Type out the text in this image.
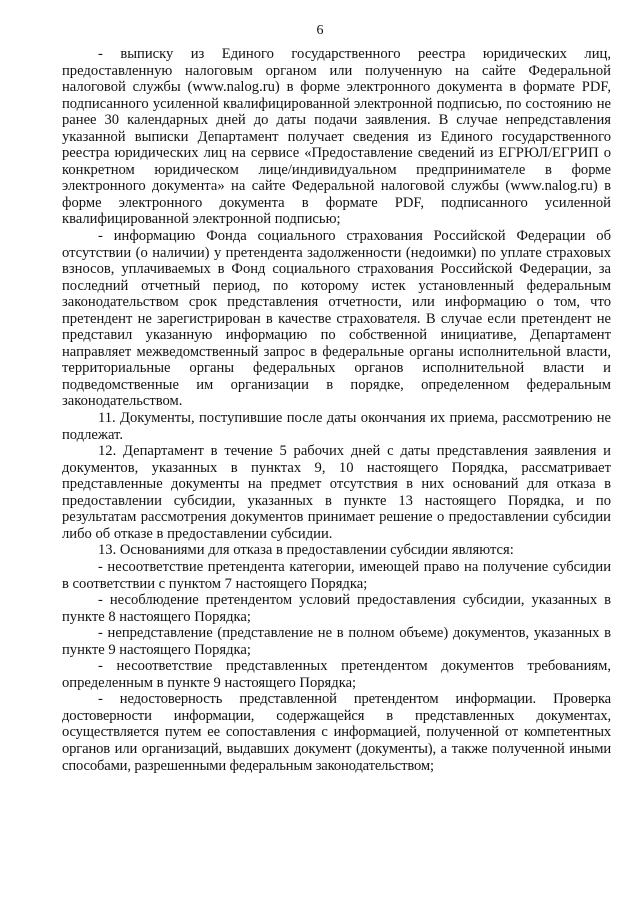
6

- выписку из Единого государственного реестра юридических лиц, предоставленную налоговым органом или полученную на сайте Федеральной налоговой службы (www.nalog.ru) в форме электронного документа в формате PDF, подписанного усиленной квалифицированной электронной подписью, по состоянию не ранее 30 календарных дней до даты подачи заявления. В случае непредставления указанной выписки Департамент получает сведения из Единого государственного реестра юридических лиц на сервисе «Предоставление сведений из ЕГРЮЛ/ЕГРИП о конкретном юридическом лице/индивидуальном предпринимателе в форме электронного документа» на сайте Федеральной налоговой службы (www.nalog.ru) в форме электронного документа в формате PDF, подписанного усиленной квалифицированной электронной подписью;

- информацию Фонда социального страхования Российской Федерации об отсутствии (о наличии) у претендента задолженности (недоимки) по уплате страховых взносов, уплачиваемых в Фонд социального страхования Российской Федерации, за последний отчетный период, по которому истек установленный федеральным законодательством срок представления отчетности, или информацию о том, что претендент не зарегистрирован в качестве страхователя. В случае если претендент не представил указанную информацию по собственной инициативе, Департамент направляет межведомственный запрос в федеральные органы исполнительной власти, территориальные органы федеральных органов исполнительной власти и подведомственные им организации в порядке, определенном федеральным законодательством.

11. Документы, поступившие после даты окончания их приема, рассмотрению не подлежат.

12. Департамент в течение 5 рабочих дней с даты представления заявления и документов, указанных в пунктах 9, 10 настоящего Порядка, рассматривает представленные документы на предмет отсутствия в них оснований для отказа в предоставлении субсидии, указанных в пункте 13 настоящего Порядка, и по результатам рассмотрения документов принимает решение о предоставлении субсидии либо об отказе в предоставлении субсидии.

13. Основаниями для отказа в предоставлении субсидии являются:

- несоответствие претендента категории, имеющей право на получение субсидии в соответствии с пунктом 7 настоящего Порядка;

- несоблюдение претендентом условий предоставления субсидии, указанных в пункте 8 настоящего Порядка;

- непредставление (представление не в полном объеме) документов, указанных в пункте 9 настоящего Порядка;

- несоответствие представленных претендентом документов требованиям, определенным в пункте 9 настоящего Порядка;

- недостоверность представленной претендентом информации. Проверка достоверности информации, содержащейся в представленных документах, осуществляется путем ее сопоставления с информацией, полученной от компетентных органов или организаций, выдавших документ (документы), а также полученной иными способами, разрешенными федеральным законодательством;
